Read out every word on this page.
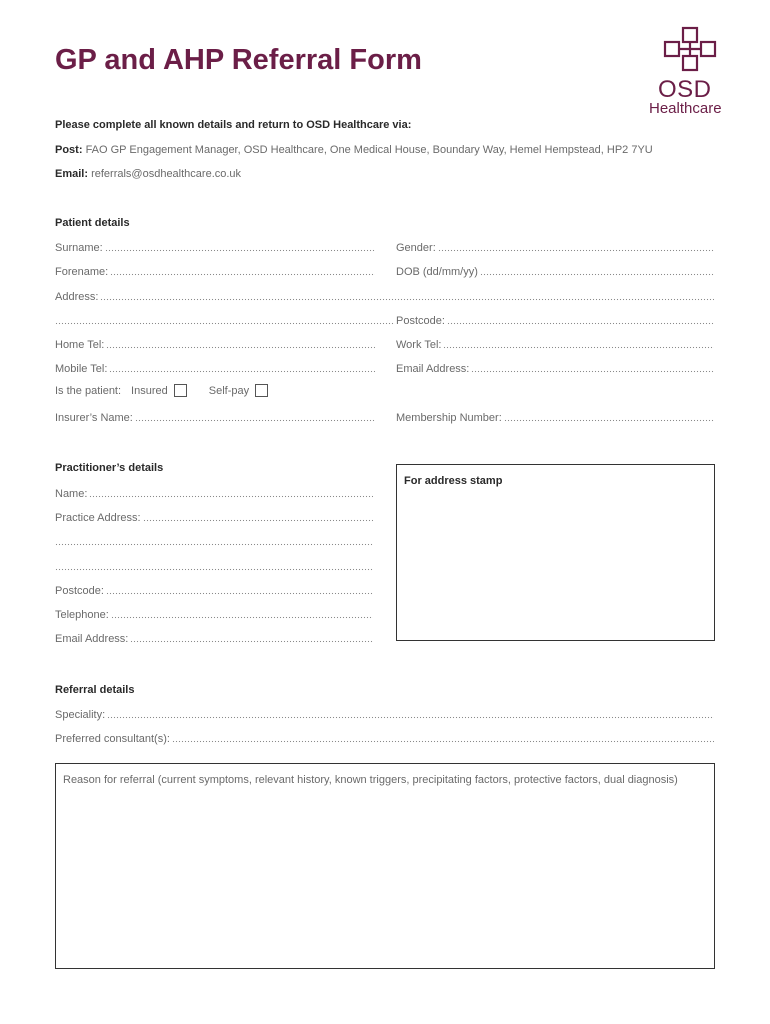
GP and AHP Referral Form
OSD
Healthcare
Please complete all known details and return to OSD Healthcare via:
Post: FAO GP Engagement Manager, OSD Healthcare, One Medical House, Boundary Way, Hemel Hempstead, HP2 7YU
Email: referrals@osdhealthcare.co.uk
Patient details
Surname:	Gender:
Forename:	DOB (dd/mm/yy)
Address:
Postcode:
Home Tel:	Work Tel:
Mobile Tel:	Email Address:
Is the patient: Insured	Self-pay
Insurer’s Name:	Membership Number:
Practitioner’s details
Name:
Practice Address:
Postcode:
Telephone:
Email Address:
For address stamp
Referral details
Speciality:
Preferred consultant(s):
Reason for referral (current symptoms, relevant history, known triggers, precipitating factors, protective factors, dual diagnosis)
